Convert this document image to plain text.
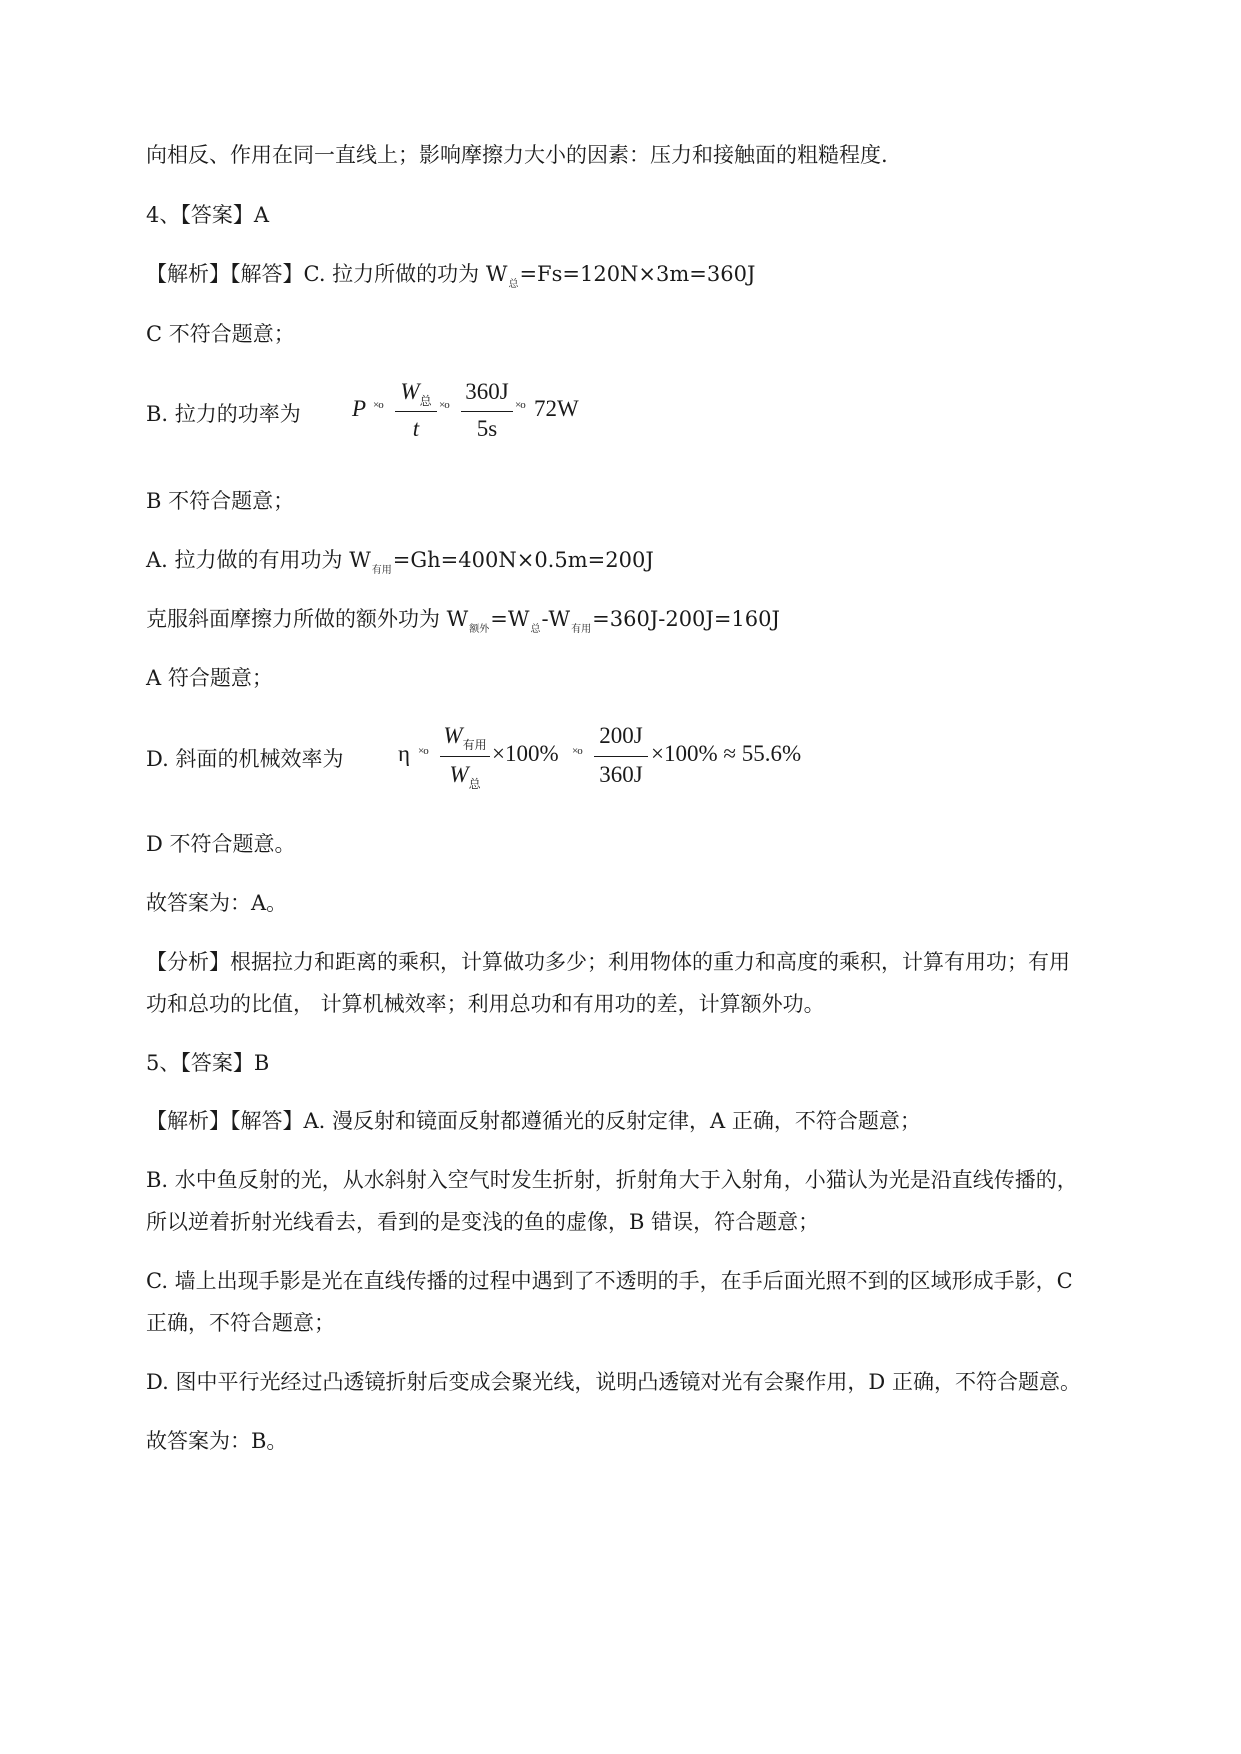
向相反、作用在同一直线上；影响摩擦力大小的因素：压力和接触面的粗糙程度.
4、【答案】A
【解析】【解答】C. 拉力所做的功为 $W_总=Fs=120N\times 3m=360J$
C 不符合题意；
B. 拉力的功率为 P ×ο
$W_总$
t
×ο
360J
5s
×ο 72W
B 不符合题意；
A. 拉力做的有用功为 $W_{有用}=Gh=400N\times 0.5m=200J$
克服斜面摩擦力所做的额外功为 $W_{额外}=W_总-W_{有用}=360J-200J=160J$
A 符合题意；
D. 斜面的机械效率为 η ×ο
$W_{有用}$
$W_总$
×100% ×ο
200J
360J
×100% ≈ 55.6%
D 不符合题意。
故答案为：A。
【分析】根据拉力和距离的乘积，计算做功多少；利用物体的重力和高度的乘积，计算有用功；有用
功和总功的比值， 计算机械效率；利用总功和有用功的差，计算额外功。
5、【答案】B
【解析】【解答】A. 漫反射和镜面反射都遵循光的反射定律，A 正确，不符合题意；
B. 水中鱼反射的光，从水斜射入空气时发生折射，折射角大于入射角，小猫认为光是沿直线传播的，
所以逆着折射光线看去，看到的是变浅的鱼的虚像，B 错误，符合题意；
C. 墙上出现手影是光在直线传播的过程中遇到了不透明的手，在手后面光照不到的区域形成手影，C
正确，不符合题意；
D. 图中平行光经过凸透镜折射后变成会聚光线，说明凸透镜对光有会聚作用，D 正确，不符合题意。
故答案为：B。
